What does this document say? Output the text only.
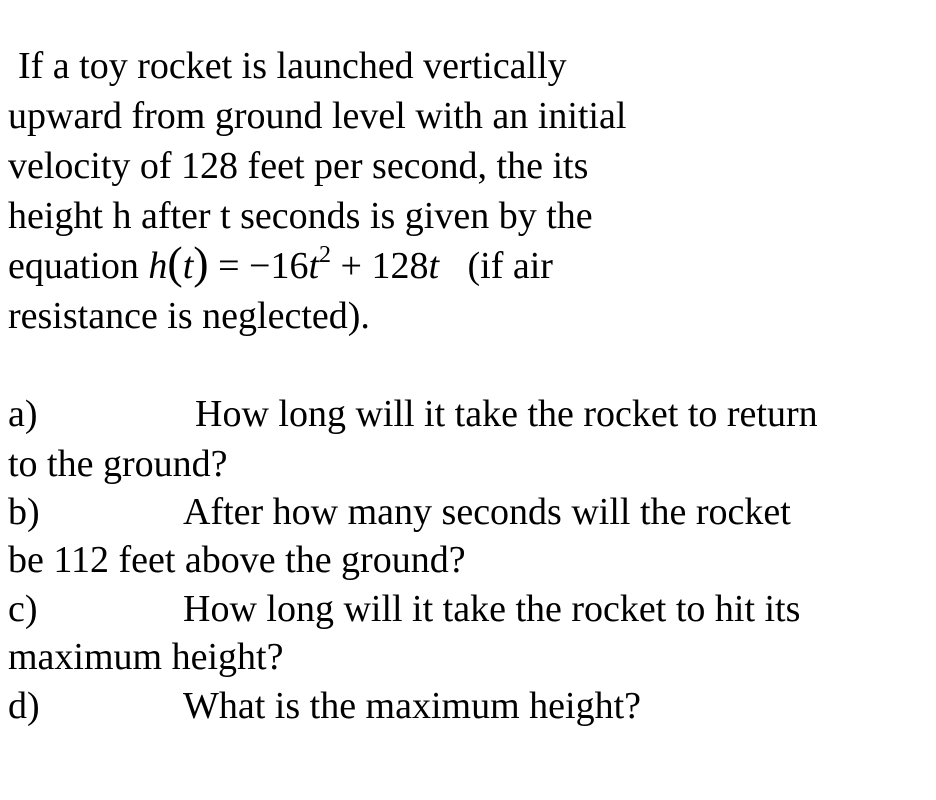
If a toy rocket is launched vertically
upward from ground level with an initial
velocity of 128 feet per second, the its
height h after t seconds is given by the
equation $h(t) = -16t^2 + 128t$   (if air
resistance is neglected).
a)	How long will it take the rocket to return
to the ground?
b)	After how many seconds will the rocket
be 112 feet above the ground?
c)	How long will it take the rocket to hit its
maximum height?
d)	What is the maximum height?
